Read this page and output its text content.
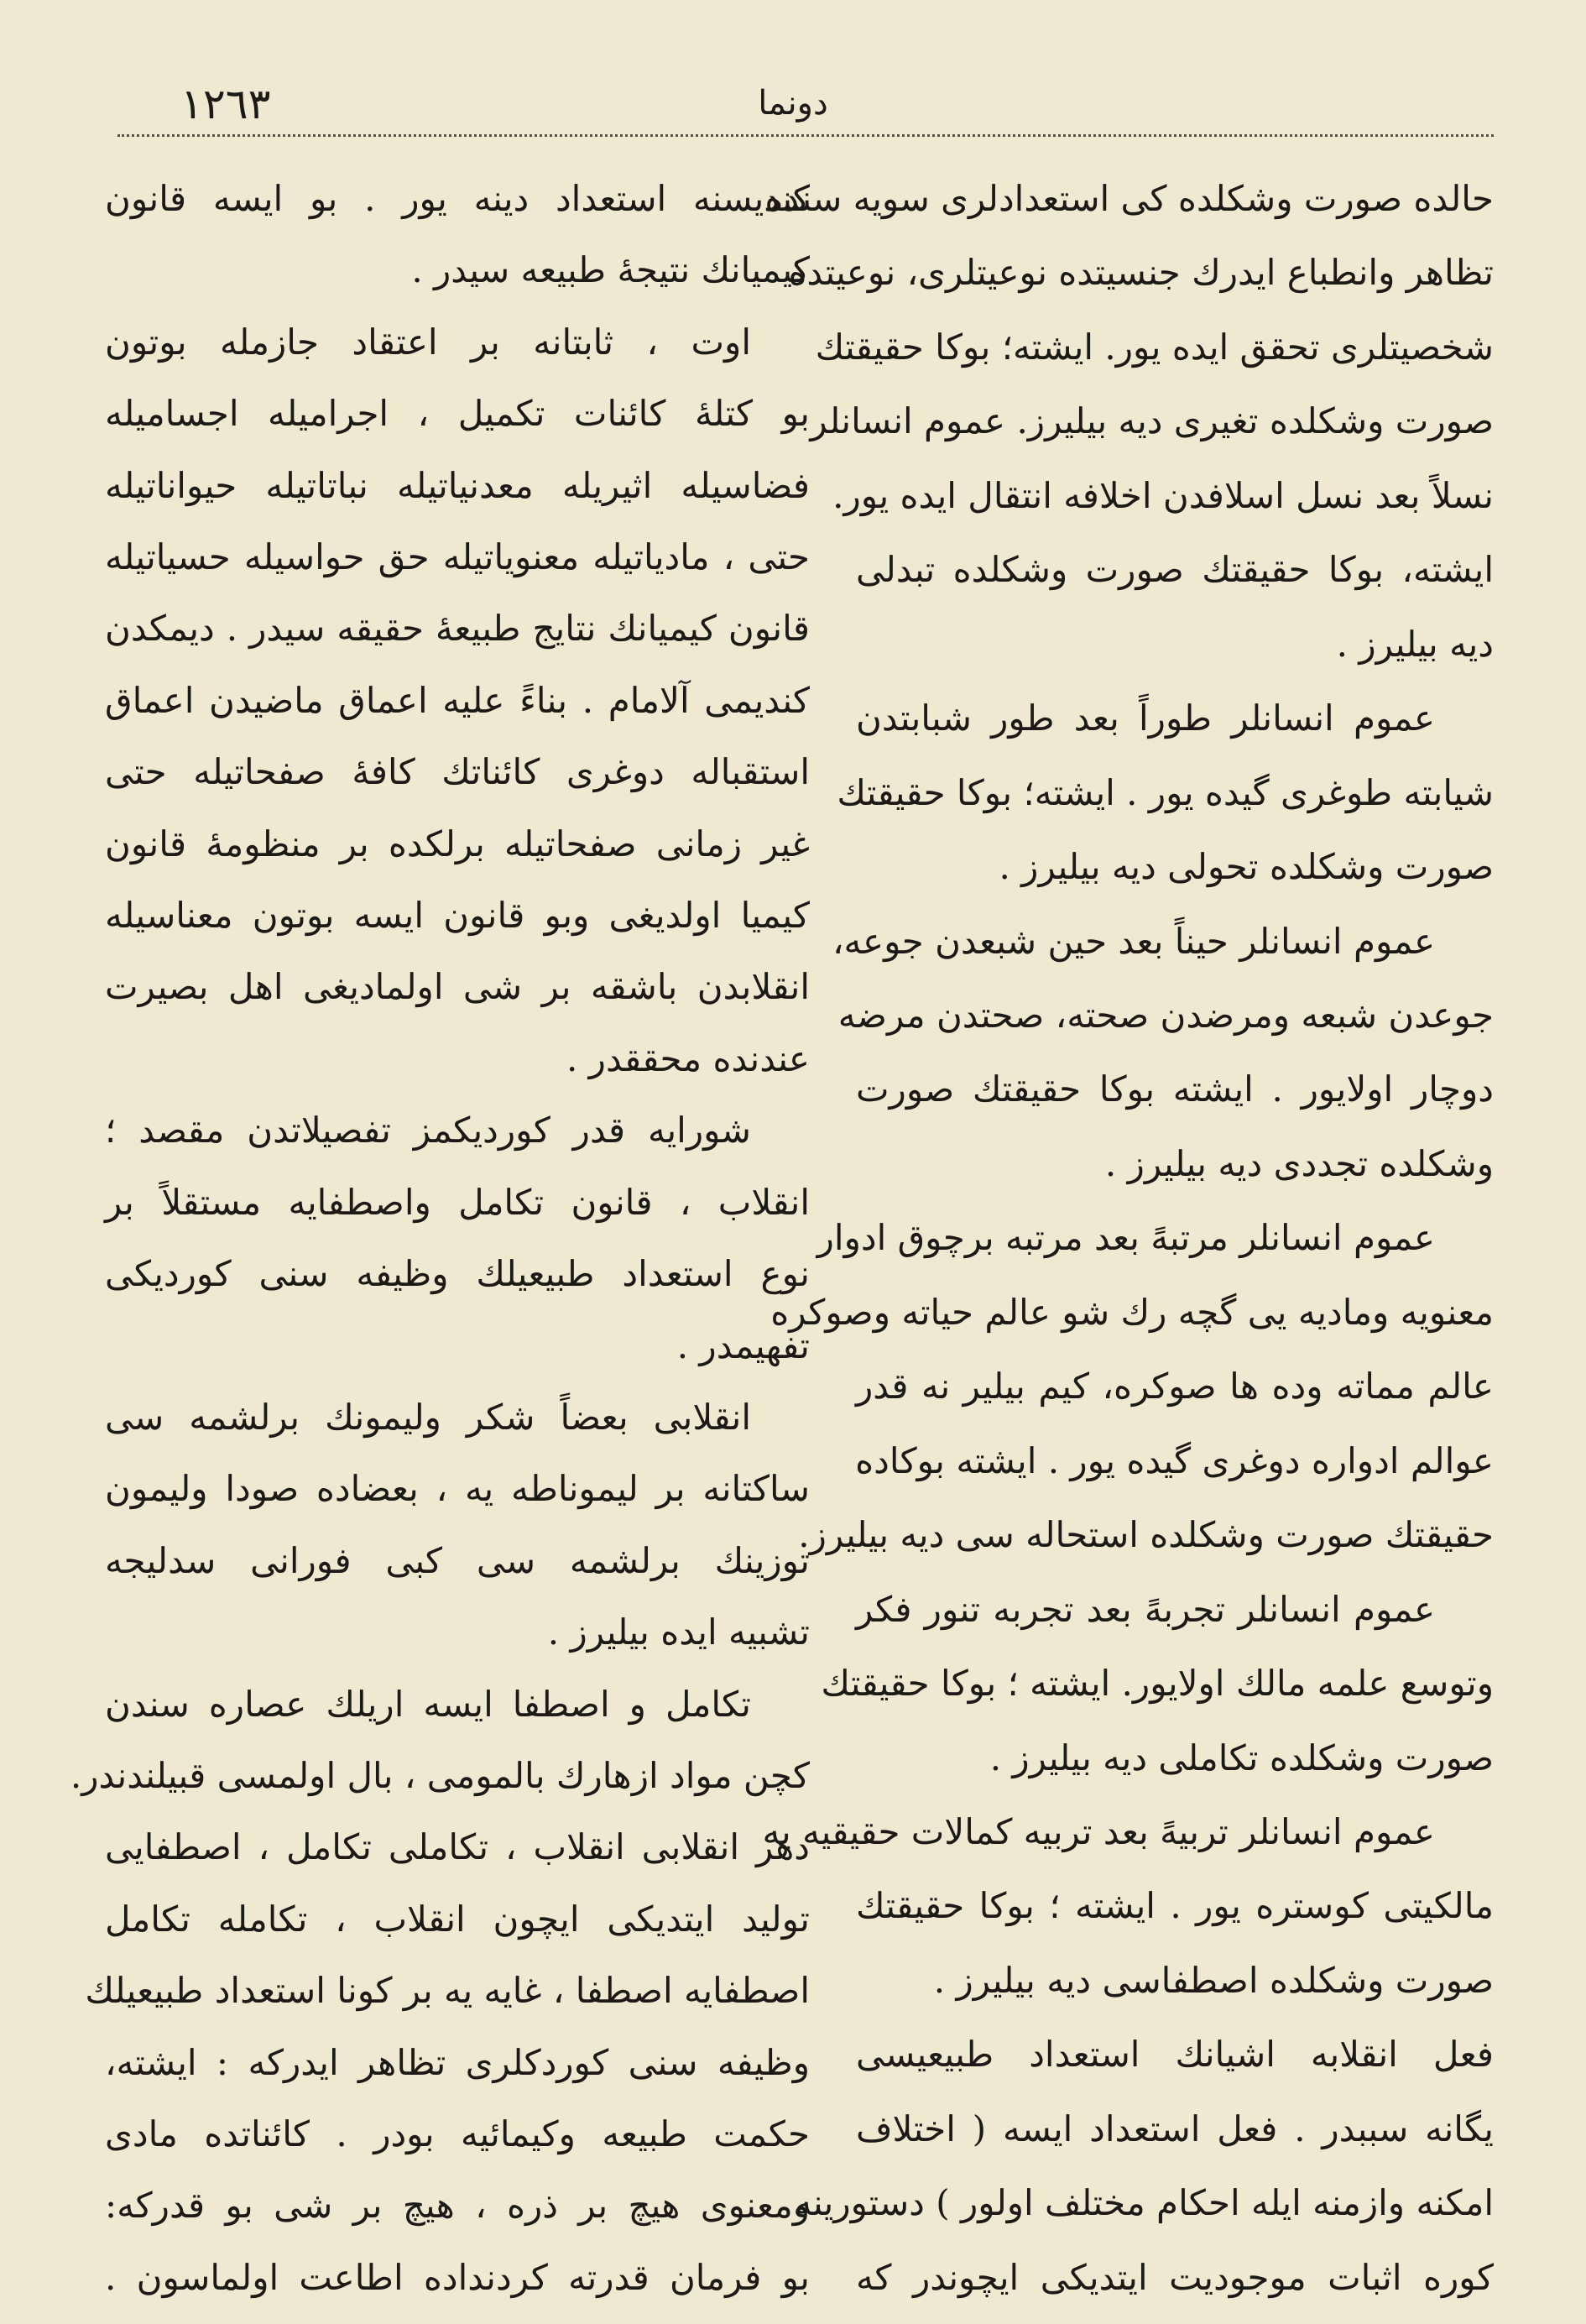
١٢٦٣	دونما
حالده صورت وشکلده کی استعدادلری سویه سنده
تظاهر وانطباع ایدرك جنسیتده نوعیتلری، نوعیتده
شخصیتلری تحقق ایده یور. ایشته؛ بوکا حقیقتك
صورت وشکلده تغیری دیه بیلیرز. عموم انسانلر
نسلاً بعد نسل اسلافدن اخلافه انتقال ایده یور.
ایشته، بوکا حقیقتك صورت وشکلده تبدلی
دیه بیلیرز .
عموم انسانلر طوراً بعد طور شبابتدن
شیابته طوغری گیده یور . ایشته؛ بوکا حقیقتك
صورت وشکلده تحولی دیه بیلیرز .
عموم انسانلر حیناً بعد حین شبعدن جوعه،
جوعدن شبعه ومرضدن صحته، صحتدن مرضه
دوچار اولایور . ایشته بوکا حقیقتك صورت
وشکلده تجددی دیه بیلیرز .
عموم انسانلر مرتبهً بعد مرتبه برچوق ادوار
معنویه ومادیه یی گچه رك شو عالم حیاته وصوکره
عالم مماته وده ها صوکره، کیم بیلیر نه قدر
عوالم ادواره دوغری گیده یور . ایشته بوکاده
حقیقتك صورت وشکلده استحاله سی دیه بیلیرز.
عموم انسانلر تجربهً بعد تجربه تنور فکر
وتوسع علمه مالك اولایور. ایشته ؛ بوکا حقیقتك
صورت وشکلده تکاملی دیه بیلیرز .
عموم انسانلر تربیهً بعد تربیه کمالات حقیقیه یه
مالکیتی کوستره یور . ایشته ؛ بوکا حقیقتك
صورت وشکلده اصطفاسی دیه بیلیرز .
فعل انقلابه اشیانك استعداد طبیعیسی
یگانه سببدر . فعل استعداد ایسه ( اختلاف
امکنه وازمنه ایله احکام مختلف اولور ) دستورینه
کوره اثبات موجودیت ایتدیکی ایچوندر که
کندیسنه استعداد دینه یور . بو ایسه قانون
کیمیانك نتیجهٔ طبیعه سیدر .
اوت ، ثابتانه بر اعتقاد جازمله بوتون
بو کتلهٔ کائنات تکمیل ، اجرامیله اجسامیله
فضاسیله اثیریله معدنیاتیله نباتاتیله حیواناتیله
حتی ، مادیاتیله معنویاتیله حق حواسیله حسیاتیله
قانون کیمیانك نتایج طبیعهٔ حقیقه سیدر . دیمکدن
کندیمی آلامام . بناءً علیه اعماق ماضیدن اعماق
استقباله دوغری کائناتك کافهٔ صفحاتیله حتی
غیر زمانی صفحاتیله برلکده بر منظومهٔ قانون
کیمیا اولدیغی وبو قانون ایسه بوتون معناسیله
انقلابدن باشقه بر شی اولمادیغی اهل بصیرت
عندنده محققدر .
شورایه قدر کوردیکمز تفصیلاتدن مقصد ؛
انقلاب ، قانون تکامل واصطفایه مستقلاً بر
نوع استعداد طبیعیلك وظیفه سنی کوردیکی
تفهیمدر .
انقلابی بعضاً شکر ولیمونك برلشمه سی
ساکتانه بر لیموناطه یه ، بعضاده صودا ولیمون
توزینك برلشمه سی کبی فورانی سدلیجه
تشبیه ایده بیلیرز .
تکامل و اصطفا ایسه اریلك عصاره سندن
کچن مواد ازهارك بالمومی ، بال اولمسی قبیلندندر.
دهر انقلابی انقلاب ، تکاملی تکامل ، اصطفایی
تولید ایتدیکی ایچون انقلاب ، تکامله تکامل
اصطفایه اصطفا ، غایه یه بر کونا استعداد طبیعیلك
وظیفه سنی کوردکلری تظاهر ایدرکه : ایشته،
حکمت طبیعه وکیمائیه بودر . کائناتده مادی
ومعنوی هیچ بر ذره ، هیچ بر شی بو قدرکه:
بو فرمان قدرته کردنداده اطاعت اولماسون .
